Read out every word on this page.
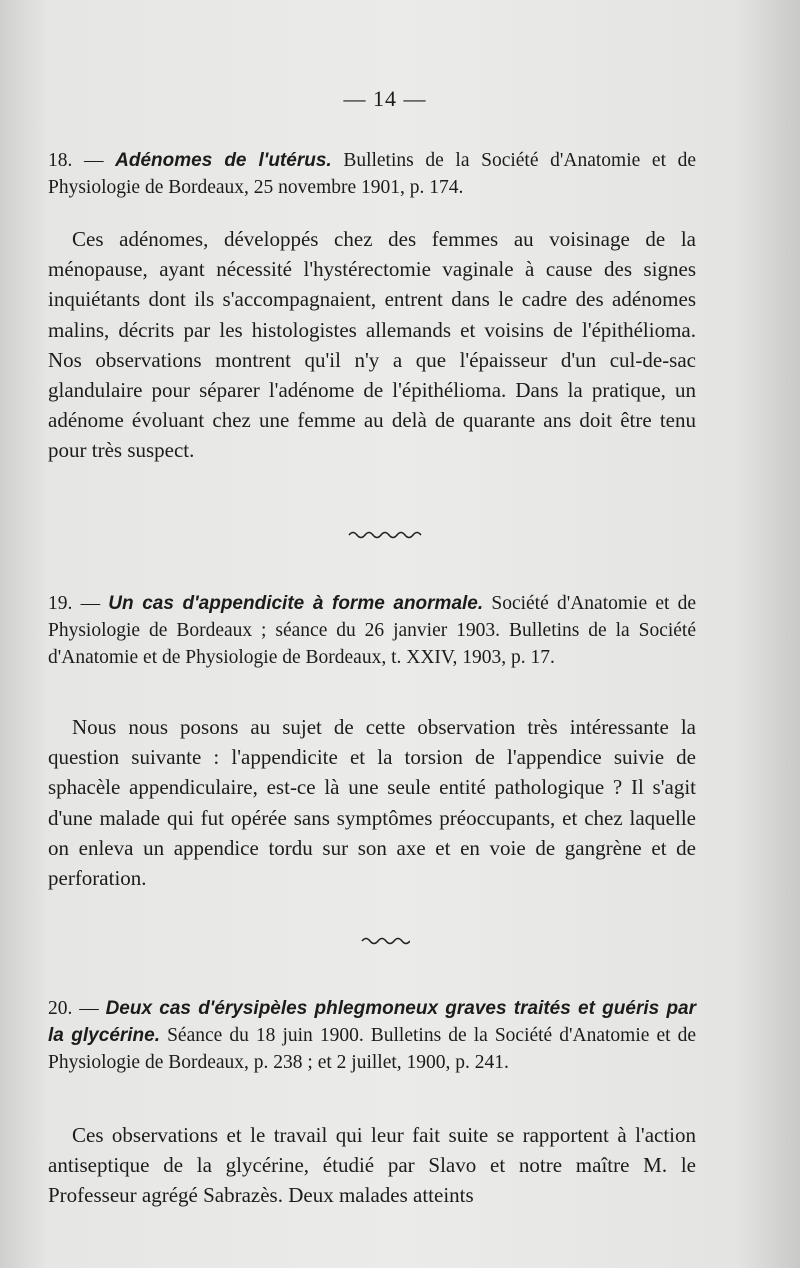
— 14 —

18. — Adénomes de l'utérus. Bulletins de la Société d'Anatomie et de Physiologie de Bordeaux, 25 novembre 1901, p. 174.

Ces adénomes, développés chez des femmes au voisinage de la ménopause, ayant nécessité l'hystérectomie vaginale à cause des signes inquiétants dont ils s'accompagnaient, entrent dans le cadre des adénomes malins, décrits par les histologistes allemands et voisins de l'épithélioma. Nos observations montrent qu'il n'y a que l'épaisseur d'un cul-de-sac glandulaire pour séparer l'adénome de l'épithélioma. Dans la pratique, un adénome évoluant chez une femme au delà de quarante ans doit être tenu pour très suspect.

19. — Un cas d'appendicite à forme anormale. Société d'Anatomie et de Physiologie de Bordeaux ; séance du 26 janvier 1903. Bulletins de la Société d'Anatomie et de Physiologie de Bordeaux, t. XXIV, 1903, p. 17.

Nous nous posons au sujet de cette observation très intéressante la question suivante : l'appendicite et la torsion de l'appendice suivie de sphacèle appendiculaire, est-ce là une seule entité pathologique ? Il s'agit d'une malade qui fut opérée sans symptômes préoccupants, et chez laquelle on enleva un appendice tordu sur son axe et en voie de gangrène et de perforation.

20. — Deux cas d'érysipèles phlegmoneux graves traités et guéris par la glycérine. Séance du 18 juin 1900. Bulletins de la Société d'Anatomie et de Physiologie de Bordeaux, p. 238 ; et 2 juillet, 1900, p. 241.

Ces observations et le travail qui leur fait suite se rapportent à l'action antiseptique de la glycérine, étudié par Slavo et notre maître M. le Professeur agrégé Sabrazès. Deux malades atteints
